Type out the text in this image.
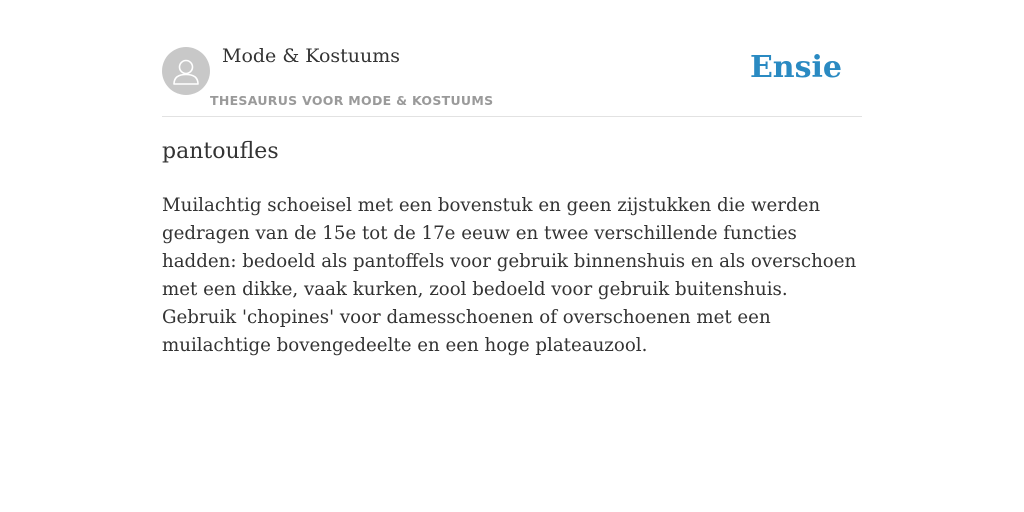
Mode & Kostuums
THESAURUS VOOR MODE & KOSTUUMS
Ensie
pantoufles

Muilachtig schoeisel met een bovenstuk en geen zijstukken die werden gedragen van de 15e tot de 17e eeuw en twee verschillende functies hadden: bedoeld als pantoffels voor gebruik binnenshuis en als overschoen met een dikke, vaak kurken, zool bedoeld voor gebruik buitenshuis. Gebruik 'chopines' voor damesschoenen of overschoenen met een muilachtige bovengedeelte en een hoge plateauzool.
